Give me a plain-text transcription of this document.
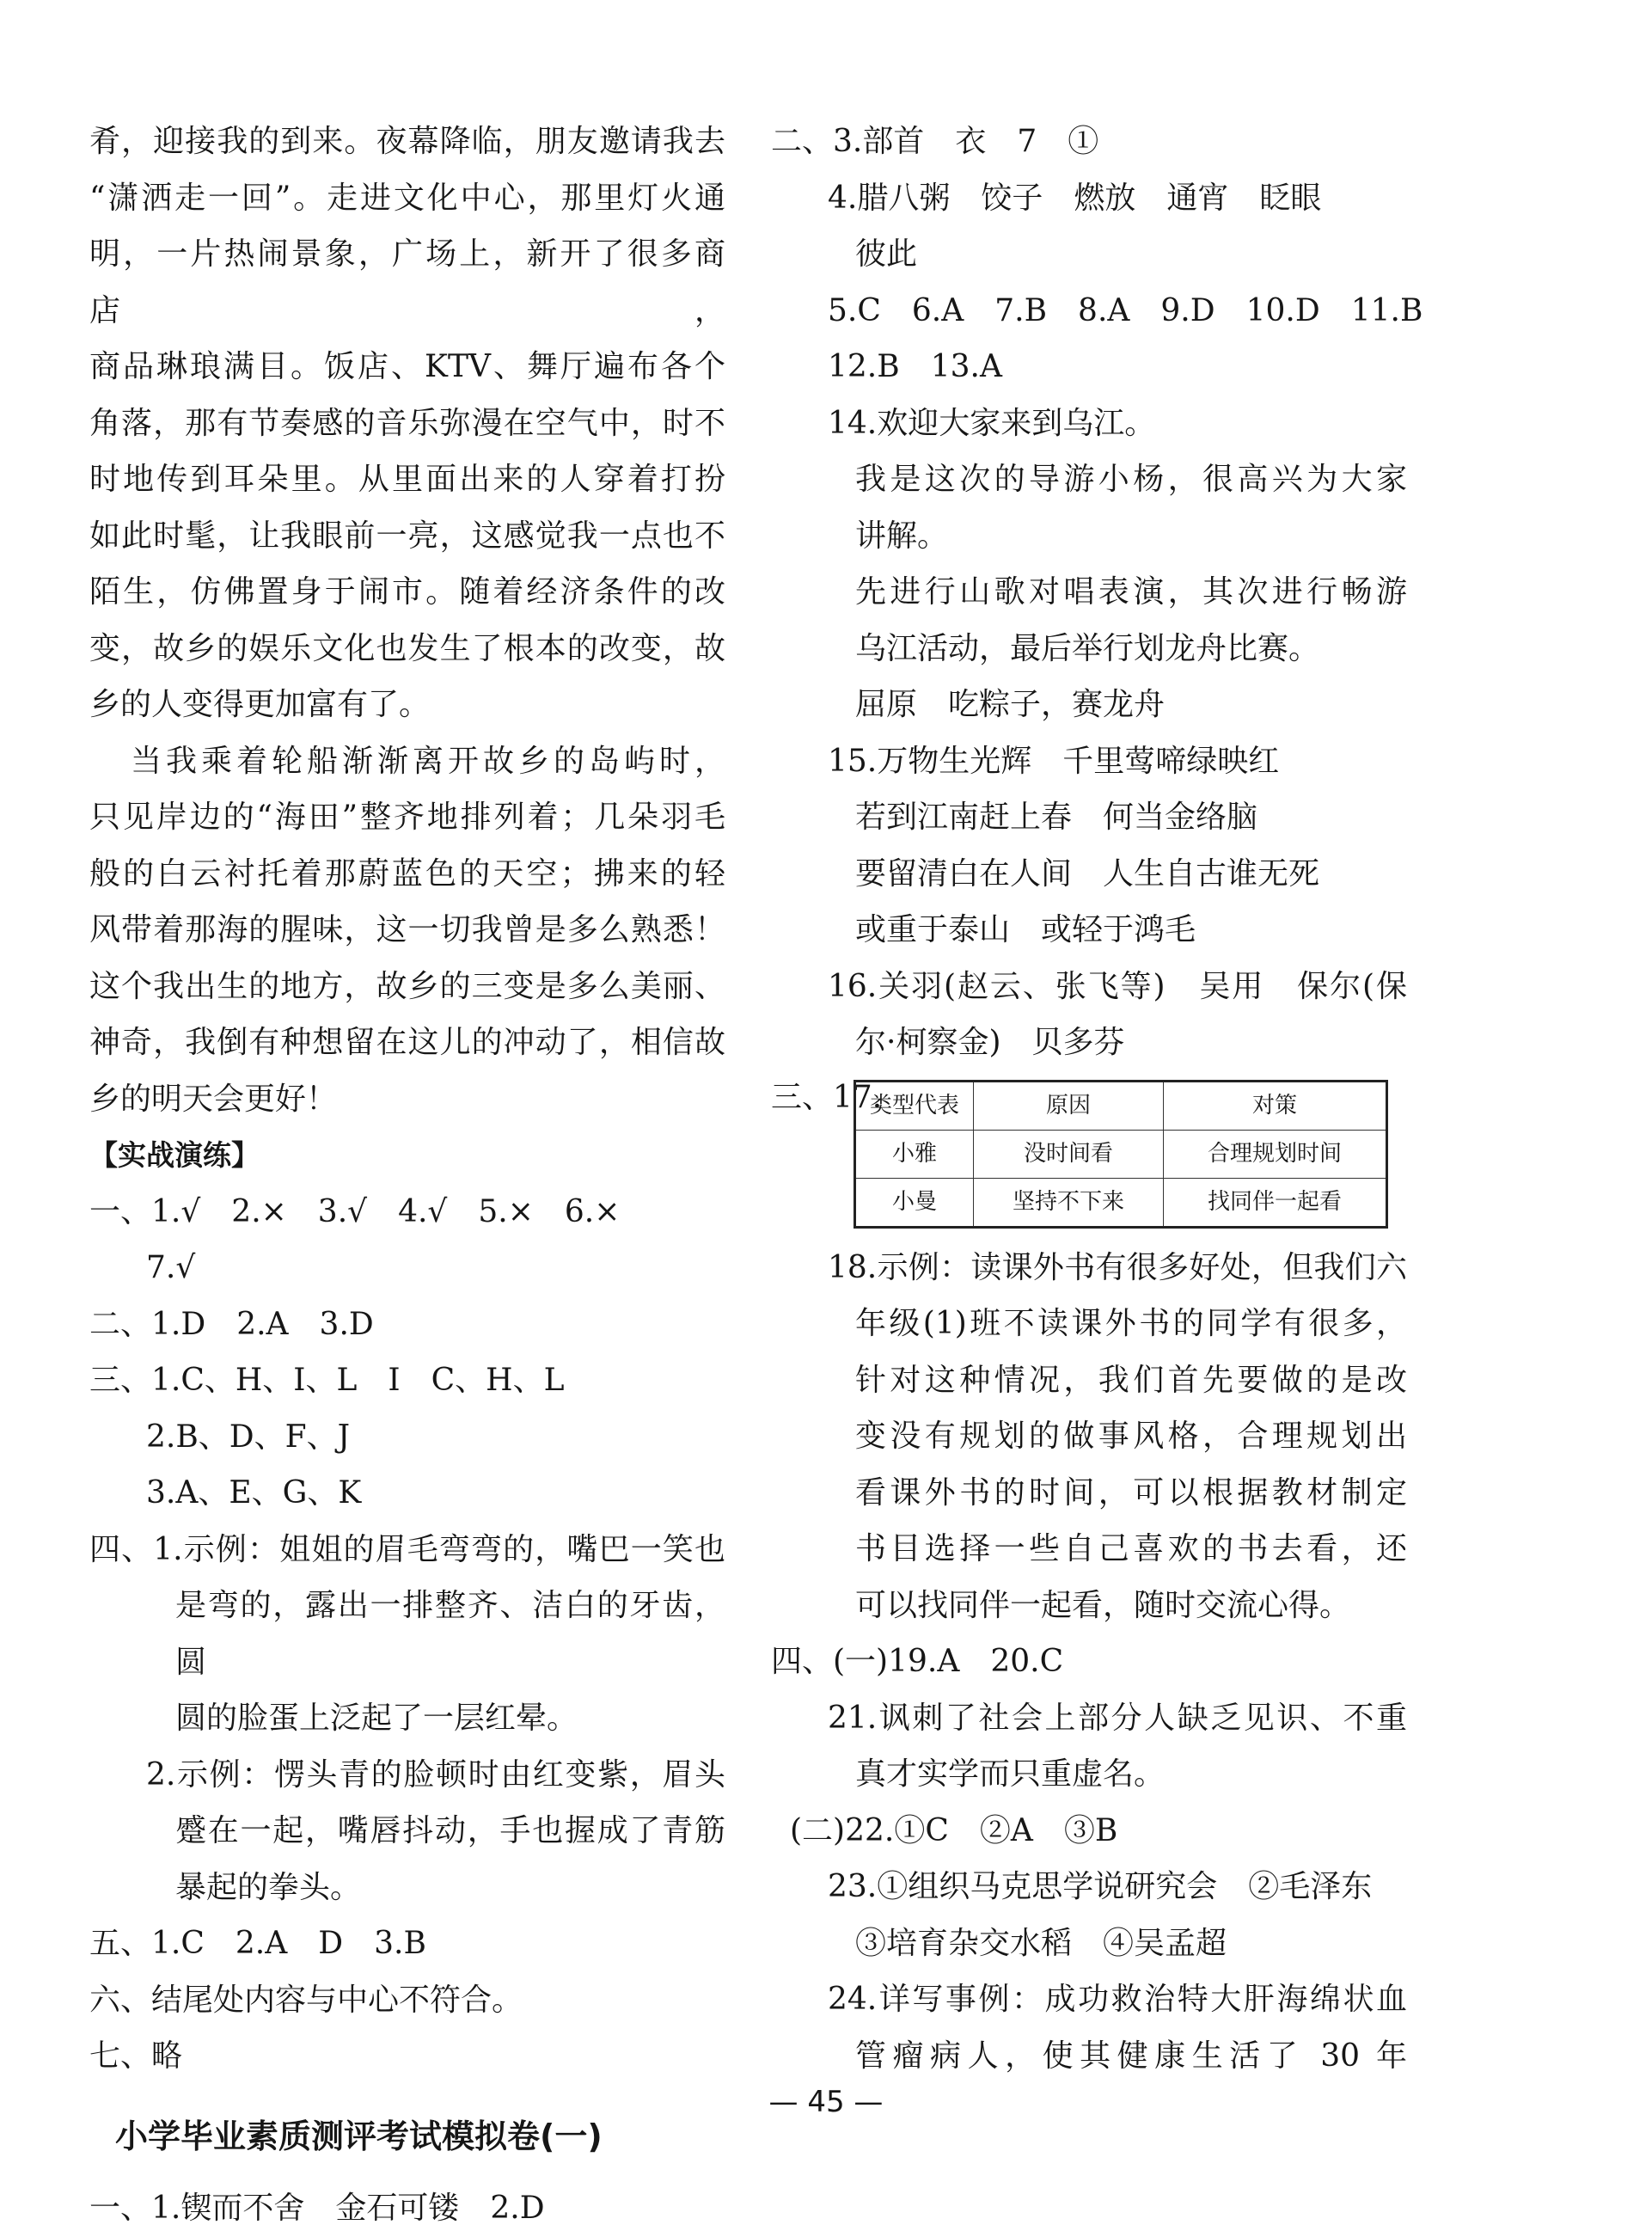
肴，迎接我的到来。夜幕降临，朋友邀请我去
“潇洒走一回”。走进文化中心，那里灯火通
明，一片热闹景象，广场上，新开了很多商店，
商品琳琅满目。饭店、KTV、舞厅遍布各个
角落，那有节奏感的音乐弥漫在空气中，时不
时地传到耳朵里。从里面出来的人穿着打扮
如此时髦，让我眼前一亮，这感觉我一点也不
陌生，仿佛置身于闹市。随着经济条件的改
变，故乡的娱乐文化也发生了根本的改变，故
乡的人变得更加富有了。
当我乘着轮船渐渐离开故乡的岛屿时，
只见岸边的“海田”整齐地排列着；几朵羽毛
般的白云衬托着那蔚蓝色的天空；拂来的轻
风带着那海的腥味，这一切我曾是多么熟悉！
这个我出生的地方，故乡的三变是多么美丽、
神奇，我倒有种想留在这儿的冲动了，相信故
乡的明天会更好！
【实战演练】
一、1.√　2.×　3.√　4.√　5.×　6.×
7.√
二、1.D　2.A　3.D
三、1.C、H、I、L　I　C、H、L
2.B、D、F、J
3.A、E、G、K
四、1.示例：姐姐的眉毛弯弯的，嘴巴一笑也
是弯的，露出一排整齐、洁白的牙齿，圆
圆的脸蛋上泛起了一层红晕。
2.示例：愣头青的脸顿时由红变紫，眉头
蹙在一起，嘴唇抖动，手也握成了青筋
暴起的拳头。
五、1.C　2.A　D　3.B
六、结尾处内容与中心不符合。
七、略
小学毕业素质测评考试模拟卷(一)
一、1.锲而不舍　金石可镂　2.D
二、3.部首　衣　7　①
4.腊八粥　饺子　燃放　通宵　眨眼
彼此
5.C　6.A　7.B　8.A　9.D　10.D　11.B
12.B　13.A
14.欢迎大家来到乌江。
我是这次的导游小杨，很高兴为大家
讲解。
先进行山歌对唱表演，其次进行畅游
乌江活动，最后举行划龙舟比赛。
屈原　吃粽子，赛龙舟
15.万物生光辉　千里莺啼绿映红
若到江南赶上春　何当金络脑
要留清白在人间　人生自古谁无死
或重于泰山　或轻于鸿毛
16.关羽(赵云、张飞等)　吴用　保尔(保
尔·柯察金)　贝多芬
三、17.
类型代表	原因	对策
小雅	没时间看	合理规划时间
小曼	坚持不下来	找同伴一起看
18.示例：读课外书有很多好处，但我们六
年级(1)班不读课外书的同学有很多，
针对这种情况，我们首先要做的是改
变没有规划的做事风格，合理规划出
看课外书的时间，可以根据教材制定
书目选择一些自己喜欢的书去看，还
可以找同伴一起看，随时交流心得。
四、(一)19.A　20.C
21.讽刺了社会上部分人缺乏见识、不重
真才实学而只重虚名。
(二)22.①C　②A　③B
23.①组织马克思学说研究会　②毛泽东
③培育杂交水稻　④吴孟超
24.详写事例：成功救治特大肝海绵状血
管瘤病人，使其健康生活了 30 年
— 45 —
